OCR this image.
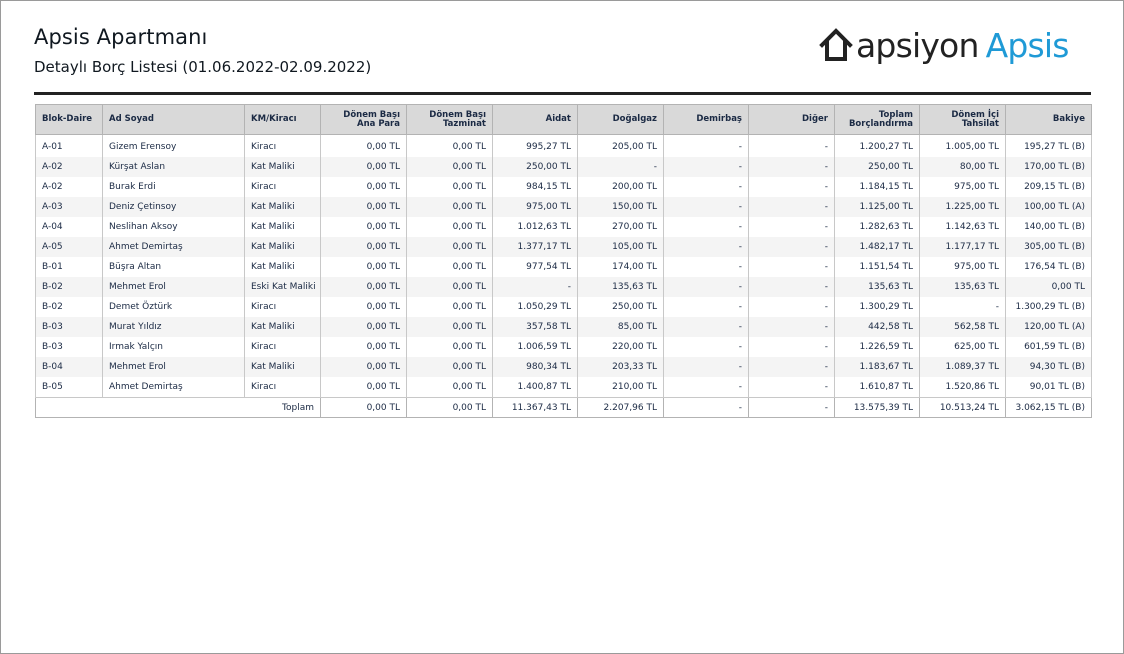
Apsis Apartmanı
Detaylı Borç Listesi (01.06.2022-02.09.2022)
apsiyon Apsis
Blok-Daire	Ad Soyad	KM/Kiracı	Dönem Başı Ana Para	Dönem Başı Tazminat	Aidat	Doğalgaz	Demirbaş	Diğer	Toplam Borçlandırma	Dönem İçi Tahsilat	Bakiye
A-01	Gizem Erensoy	Kiracı	0,00 TL	0,00 TL	995,27 TL	205,00 TL	-	-	1.200,27 TL	1.005,00 TL	195,27 TL (B)
A-02	Kürşat Aslan	Kat Maliki	0,00 TL	0,00 TL	250,00 TL	-	-	-	250,00 TL	80,00 TL	170,00 TL (B)
A-02	Burak Erdi	Kiracı	0,00 TL	0,00 TL	984,15 TL	200,00 TL	-	-	1.184,15 TL	975,00 TL	209,15 TL (B)
A-03	Deniz Çetinsoy	Kat Maliki	0,00 TL	0,00 TL	975,00 TL	150,00 TL	-	-	1.125,00 TL	1.225,00 TL	100,00 TL (A)
A-04	Neslihan Aksoy	Kat Maliki	0,00 TL	0,00 TL	1.012,63 TL	270,00 TL	-	-	1.282,63 TL	1.142,63 TL	140,00 TL (B)
A-05	Ahmet Demirtaş	Kat Maliki	0,00 TL	0,00 TL	1.377,17 TL	105,00 TL	-	-	1.482,17 TL	1.177,17 TL	305,00 TL (B)
B-01	Büşra Altan	Kat Maliki	0,00 TL	0,00 TL	977,54 TL	174,00 TL	-	-	1.151,54 TL	975,00 TL	176,54 TL (B)
B-02	Mehmet Erol	Eski Kat Maliki	0,00 TL	0,00 TL	-	135,63 TL	-	-	135,63 TL	135,63 TL	0,00 TL
B-02	Demet Öztürk	Kiracı	0,00 TL	0,00 TL	1.050,29 TL	250,00 TL	-	-	1.300,29 TL	-	1.300,29 TL (B)
B-03	Murat Yıldız	Kat Maliki	0,00 TL	0,00 TL	357,58 TL	85,00 TL	-	-	442,58 TL	562,58 TL	120,00 TL (A)
B-03	Irmak Yalçın	Kiracı	0,00 TL	0,00 TL	1.006,59 TL	220,00 TL	-	-	1.226,59 TL	625,00 TL	601,59 TL (B)
B-04	Mehmet Erol	Kat Maliki	0,00 TL	0,00 TL	980,34 TL	203,33 TL	-	-	1.183,67 TL	1.089,37 TL	94,30 TL (B)
B-05	Ahmet Demirtaş	Kiracı	0,00 TL	0,00 TL	1.400,87 TL	210,00 TL	-	-	1.610,87 TL	1.520,86 TL	90,01 TL (B)
Toplam			0,00 TL	0,00 TL	11.367,43 TL	2.207,96 TL	-	-	13.575,39 TL	10.513,24 TL	3.062,15 TL (B)
